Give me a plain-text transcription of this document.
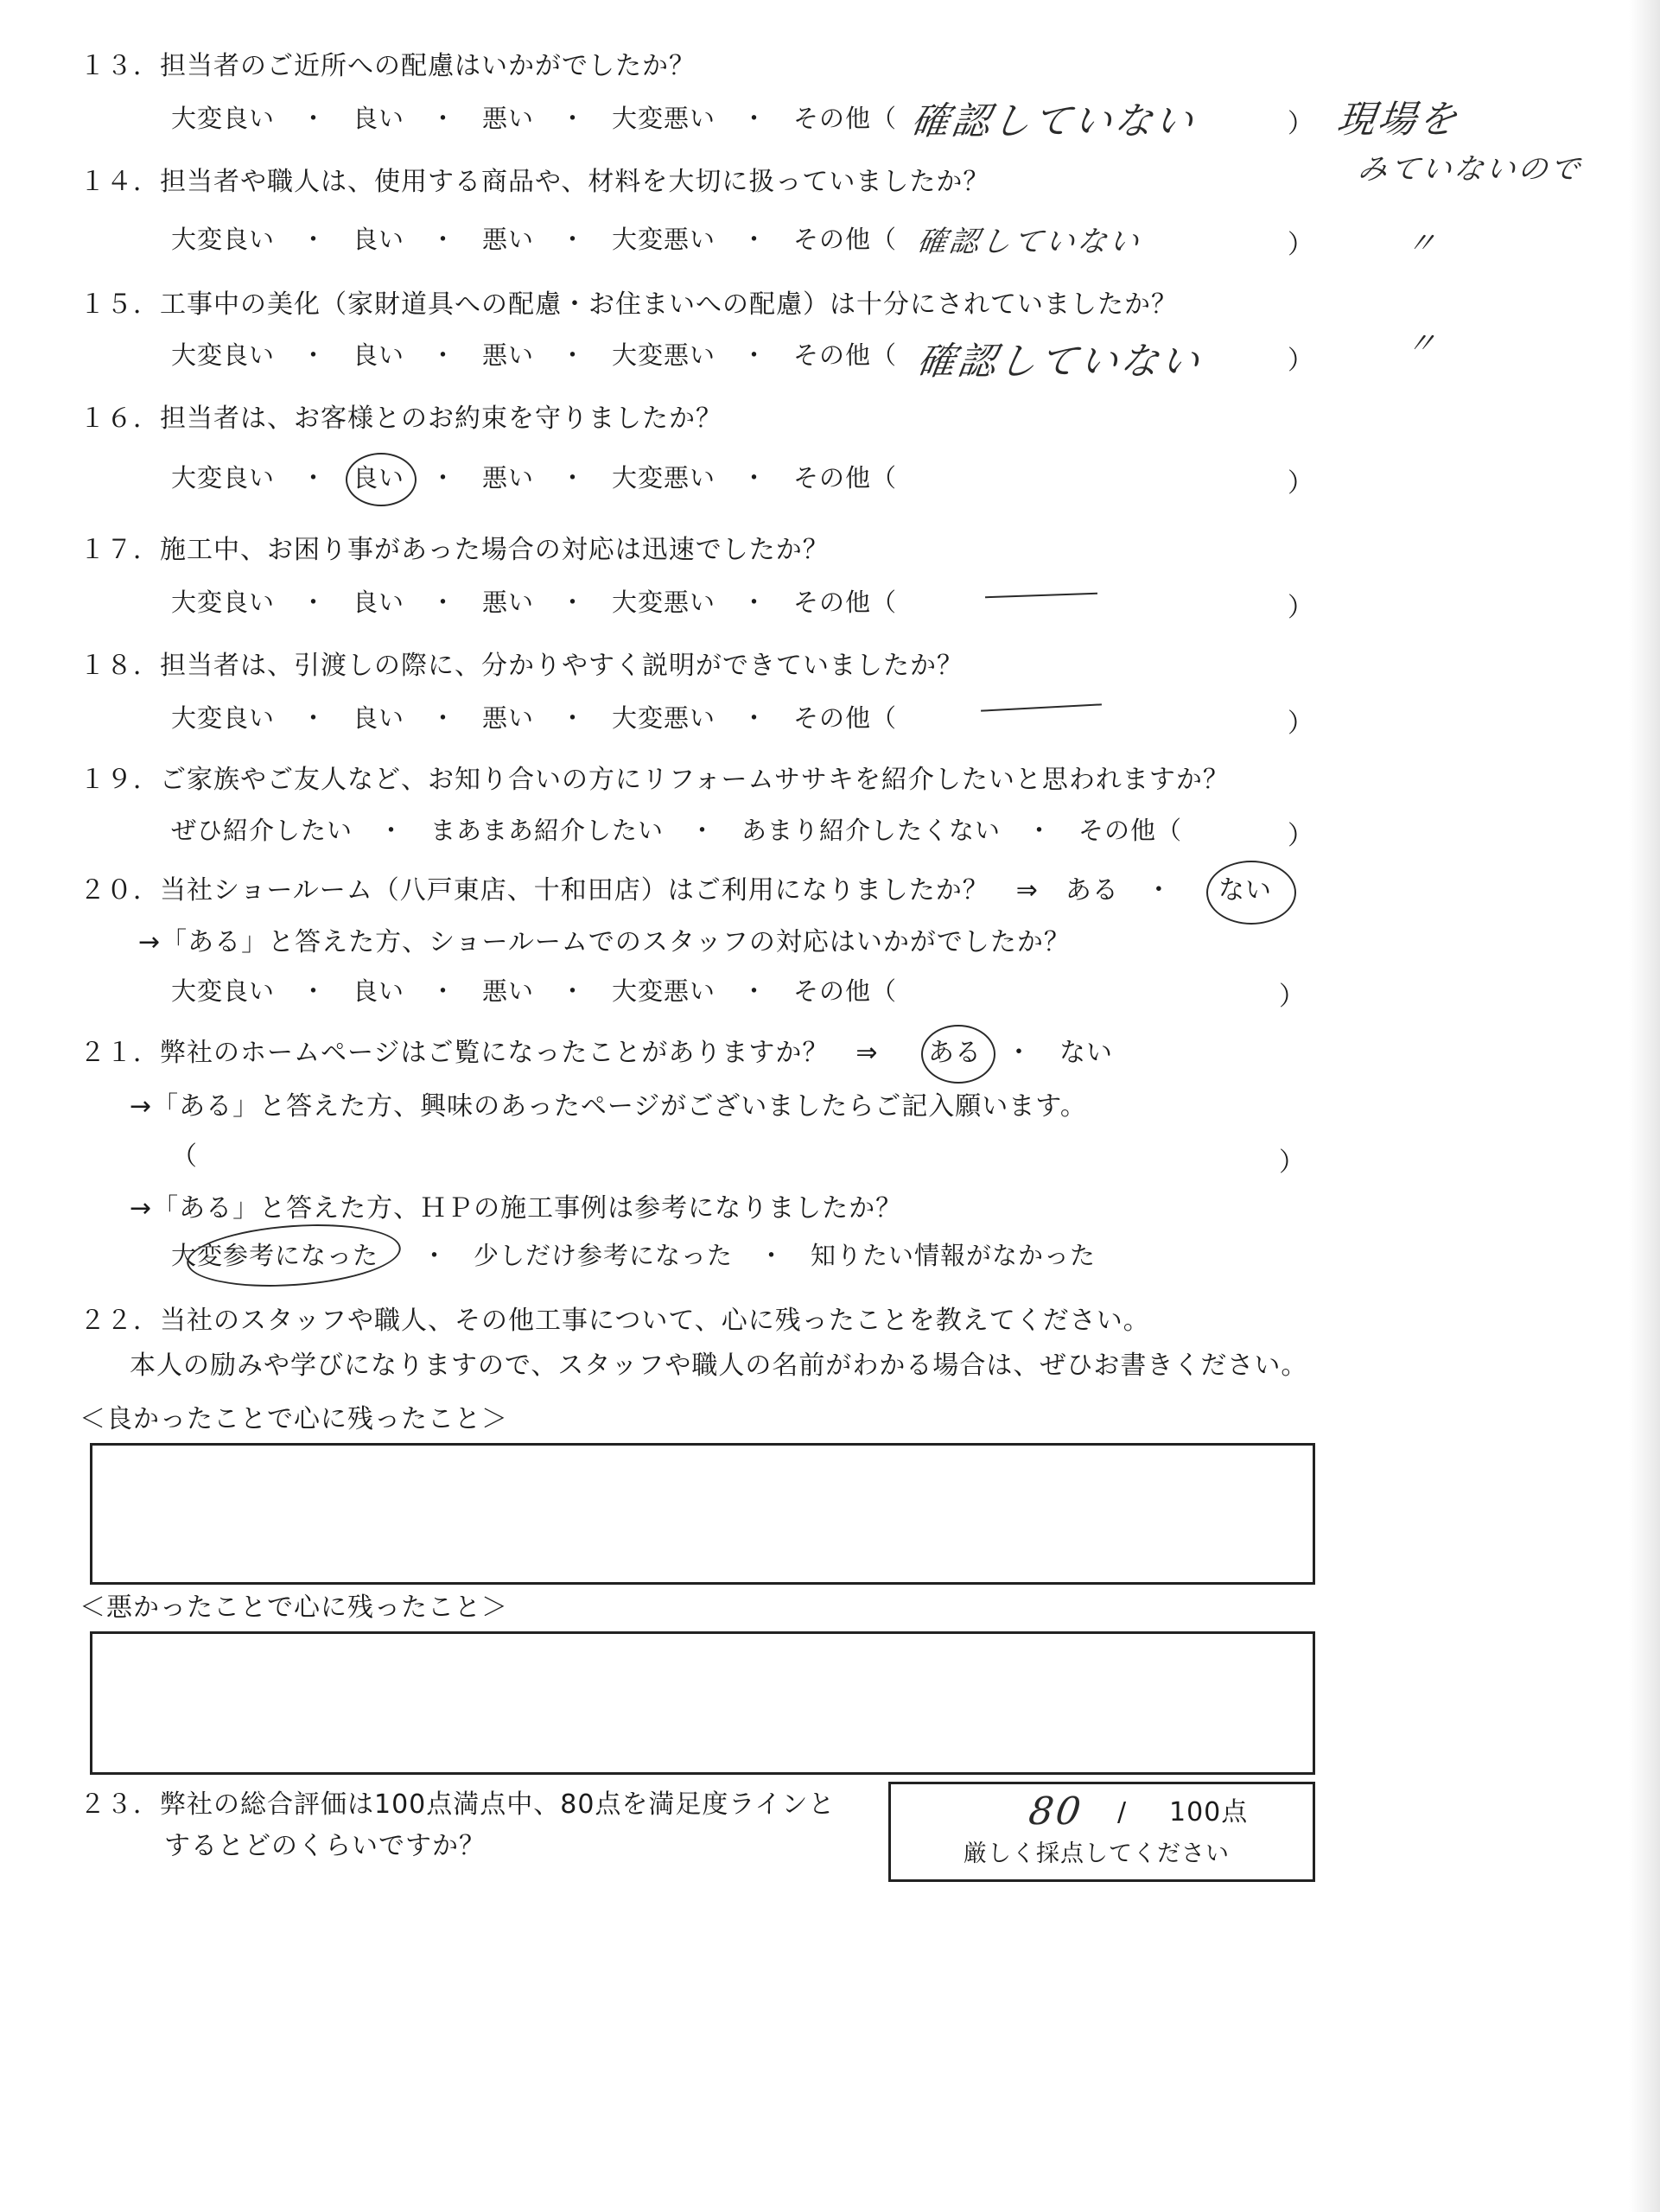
１３．担当者のご近所への配慮はいかがでしたか？
大変良い　・　良い　・　悪い　・　大変悪い　・　その他（	）
確認していない	現場を
みていないので
１４．担当者や職人は、使用する商品や、材料を大切に扱っていましたか？
大変良い　・　良い　・　悪い　・　大変悪い　・　その他（	）
確認していない	〃
１５．工事中の美化（家財道具への配慮・お住まいへの配慮）は十分にされていましたか？
大変良い　・　良い　・　悪い　・　大変悪い　・　その他（	）
確認していない	〃
１６．担当者は、お客様とのお約束を守りましたか？
大変良い　・　良い　・　悪い　・　大変悪い　・　その他（	）
１７．施工中、お困り事があった場合の対応は迅速でしたか？
大変良い　・　良い　・　悪い　・　大変悪い　・　その他（	）
１８．担当者は、引渡しの際に、分かりやすく説明ができていましたか？
大変良い　・　良い　・　悪い　・　大変悪い　・　その他（	）
１９．ご家族やご友人など、お知り合いの方にリフォームササキを紹介したいと思われますか？
ぜひ紹介したい　・　まあまあ紹介したい　・　あまり紹介したくない　・　その他（	）
２０．当社ショールーム（八戸東店、十和田店）はご利用になりましたか？　⇒　ある　・ ない
→「ある」と答えた方、ショールームでのスタッフの対応はいかがでしたか？
大変良い　・　良い　・　悪い　・　大変悪い　・　その他（	）
２１．弊社のホームページはご覧になったことがありますか？　⇒ ある ・　ない
→「ある」と答えた方、興味のあったページがございましたらご記入願います。
（	）
→「ある」と答えた方、ＨＰの施工事例は参考になりましたか？
大変参考になった ・　少しだけ参考になった　・　知りたい情報がなかった
２２．当社のスタッフや職人、その他工事について、心に残ったことを教えてください。
本人の励みや学びになりますので、スタッフや職人の名前がわかる場合は、ぜひお書きください。
＜良かったことで心に残ったこと＞
＜悪かったことで心に残ったこと＞
２３．弊社の総合評価は100点満点中、80点を満足度ラインと
するとどのくらいですか？
80 / 100点
厳しく採点してください
